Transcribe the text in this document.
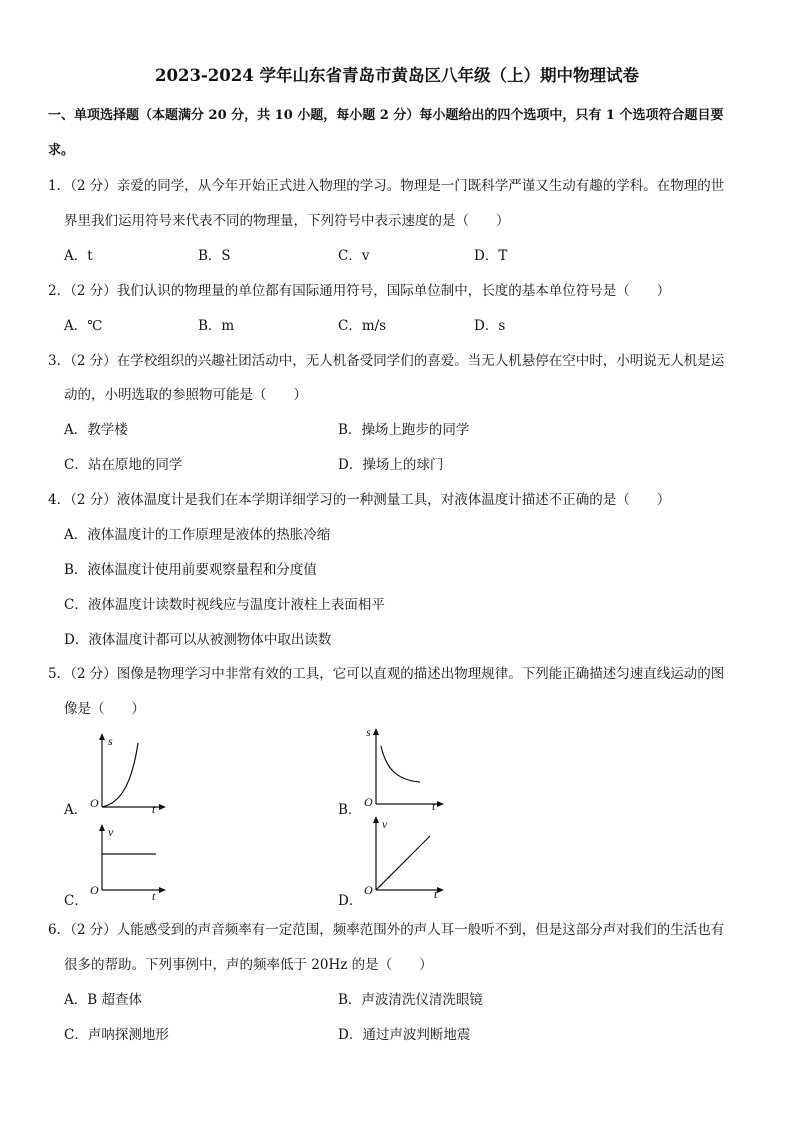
2023-2024 学年山东省青岛市黄岛区八年级（上）期中物理试卷
一、单项选择题（本题满分 20 分，共 10 小题，每小题 2 分）每小题给出的四个选项中，只有 1 个选项符合题目要
求。
1．（2 分）亲爱的同学，从今年开始正式进入物理的学习。物理是一门既科学严谨又生动有趣的学科。在物理的世
界里我们运用符号来代表不同的物理量，下列符号中表示速度的是（　　）
A．t	B．S	C．v	D．T
2．（2 分）我们认识的物理量的单位都有国际通用符号，国际单位制中，长度的基本单位符号是（　　）
A．℃	B．m	C．m/s	D．s
3．（2 分）在学校组织的兴趣社团活动中，无人机备受同学们的喜爱。当无人机悬停在空中时，小明说无人机是运
动的，小明选取的参照物可能是（　　）
A．教学楼	B．操场上跑步的同学
C．站在原地的同学	D．操场上的球门
4．（2 分）液体温度计是我们在本学期详细学习的一种测量工具，对液体温度计描述不正确的是（　　）
A．液体温度计的工作原理是液体的热胀冷缩
B．液体温度计使用前要观察量程和分度值
C．液体温度计读数时视线应与温度计液柱上表面相平
D．液体温度计都可以从被测物体中取出读数
5．（2 分）图像是物理学习中非常有效的工具，它可以直观的描述出物理规律。下列能正确描述匀速直线运动的图
像是（　　）
A．
s
t
O	B．
s
t
O
C．
v
t
O
D．
v
t
O
6．（2 分）人能感受到的声音频率有一定范围，频率范围外的声人耳一般听不到，但是这部分声对我们的生活也有
很多的帮助。下列事例中，声的频率低于 20Hz 的是（　　）
A．B 超查体	B．声波清洗仪清洗眼镜
C．声呐探测地形	D．通过声波判断地震
